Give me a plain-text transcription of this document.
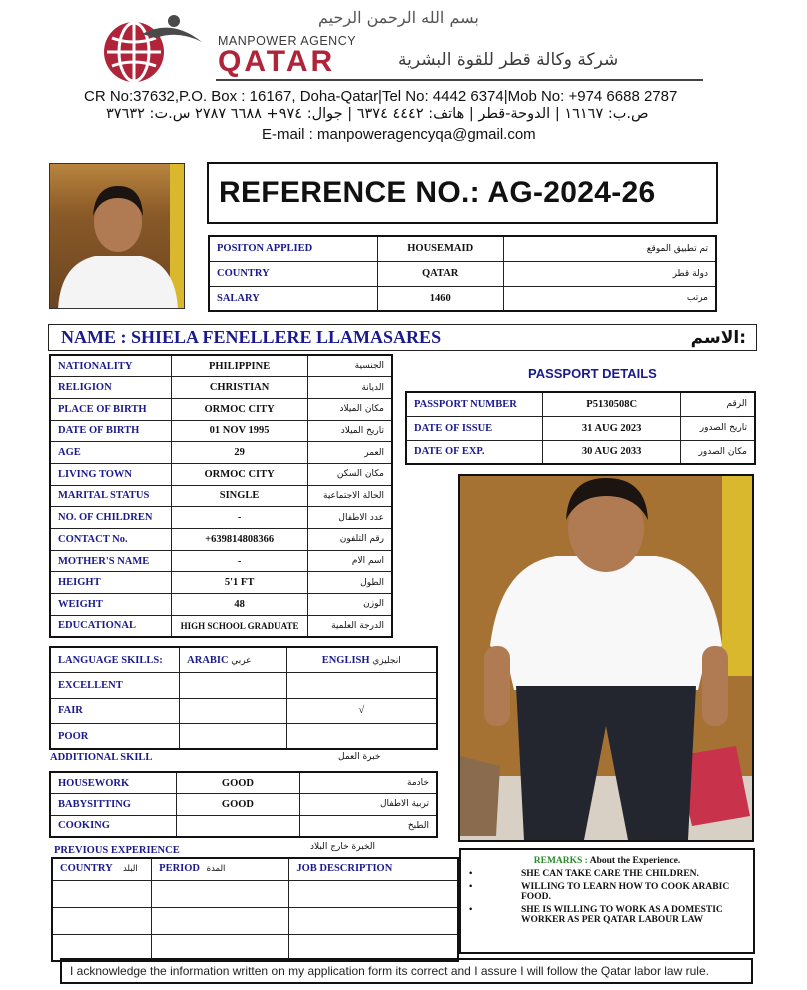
بسم الله الرحمن الرحيم
MANPOWER AGENCY
QATAR	شركة وكالة قطر للقوة البشرية
CR No:37632,P.O. Box : 16167, Doha-Qatar|Tel No: 4442 6374|Mob No: +974 6688 2787
ص.ب: ١٦١٦٧ | الدوحة-قطر | هاتف: ٤٤٤٢ ٦٣٧٤ | جوال: ٩٧٤+ ٦٦٨٨ ٢٧٨٧ س.ت: ٣٧٦٣٢
E-mail : manpoweragencyqa@gmail.com
REFERENCE NO.: AG-2024-26
POSITON APPLIED	HOUSEMAID	تم تطبيق الموقع
COUNTRY	QATAR	دولة قطر
SALARY	1460	مرتب
NAME : SHIELA FENELLERE LLAMASARES	الاسم:
NATIONALITY	PHILIPPINE	الجنسية
RELIGION	CHRISTIAN	الديانة
PLACE OF BIRTH	ORMOC CITY	مكان الميلاد
DATE OF BIRTH	01 NOV 1995	تاريخ الميلاد
AGE	29	العمر
LIVING TOWN	ORMOC CITY	مكان السكن
MARITAL STATUS	SINGLE	الحالة الاجتماعية
NO. OF CHILDREN	-	عدد الاطفال
CONTACT No.	+639814808366	رقم التلفون
MOTHER'S NAME	-	اسم الام
HEIGHT	5'1 FT	الطول
WEIGHT	48	الوزن
EDUCATIONAL	HIGH SCHOOL GRADUATE	الدرجة العلمية
PASSPORT DETAILS
PASSPORT NUMBER	P5130508C	الرقم
DATE OF ISSUE	31 AUG 2023	تاريخ الصدور
DATE OF EXP.	30 AUG 2033	مكان الصدور
LANGUAGE SKILLS:	ARABIC عربي	ENGLISH انجليزي
EXCELLENT		
FAIR		√
POOR		
ADDITIONAL SKILL	خبرة العمل
HOUSEWORK	GOOD	خادمة
BABYSITTING	GOOD	تربية الاطفال
COOKING		الطبخ
PREVIOUS EXPERIENCE	الخبرة خارج البلاد
COUNTRY البلد	PERIOD المدة	JOB DESCRIPTION

REMARKS : About the Experience.
•	SHE CAN TAKE CARE THE CHILDREN.
•	WILLING TO LEARN HOW TO COOK ARABIC FOOD.
•	SHE IS WILLING TO WORK AS A DOMESTIC WORKER AS PER QATAR LABOUR LAW
I acknowledge the information written on my application form its correct and I assure I will follow the Qatar labor law rule.
